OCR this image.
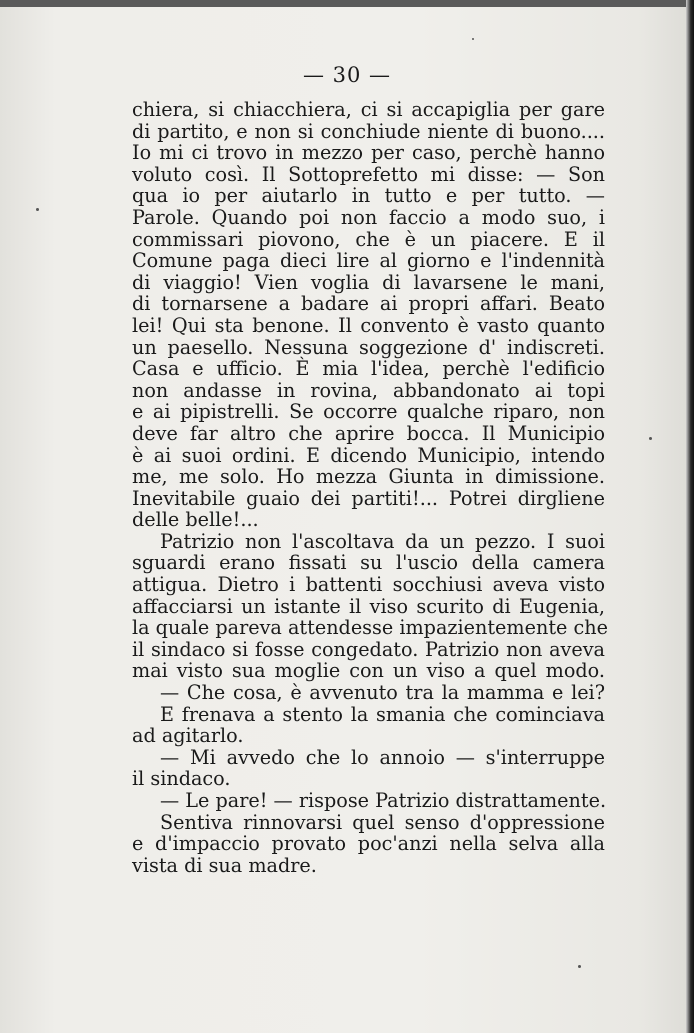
— 30 —
chiera, si chiacchiera, ci si accapiglia per gare
di partito, e non si conchiude niente di buono....
Io mi ci trovo in mezzo per caso, perchè hanno
voluto così. Il Sottoprefetto mi disse: — Son
qua io per aiutarlo in tutto e per tutto. —
Parole. Quando poi non faccio a modo suo, i
commissari piovono, che è un piacere. E il
Comune paga dieci lire al giorno e l'indennità
di viaggio! Vien voglia di lavarsene le mani,
di tornarsene a badare ai propri affari. Beato
lei! Qui sta benone. Il convento è vasto quanto
un paesello. Nessuna soggezione d' indiscreti.
Casa e ufficio. È mia l'idea, perchè l'edificio
non andasse in rovina, abbandonato ai topi
e ai pipistrelli. Se occorre qualche riparo, non
deve far altro che aprire bocca. Il Municipio
è ai suoi ordini. E dicendo Municipio, intendo
me, me solo. Ho mezza Giunta in dimissione.
Inevitabile guaio dei partiti!... Potrei dirgliene
delle belle!...
Patrizio non l'ascoltava da un pezzo. I suoi
sguardi erano fissati su l'uscio della camera
attigua. Dietro i battenti socchiusi aveva visto
affacciarsi un istante il viso scurito di Eugenia,
la quale pareva attendesse impazientemente che
il sindaco si fosse congedato. Patrizio non aveva
mai visto sua moglie con un viso a quel modo.
— Che cosa, è avvenuto tra la mamma e lei?
E frenava a stento la smania che cominciava
ad agitarlo.
— Mi avvedo che lo annoio — s'interruppe
il sindaco.
— Le pare! — rispose Patrizio distrattamente.
Sentiva rinnovarsi quel senso d'oppressione
e d'impaccio provato poc'anzi nella selva alla
vista di sua madre.
